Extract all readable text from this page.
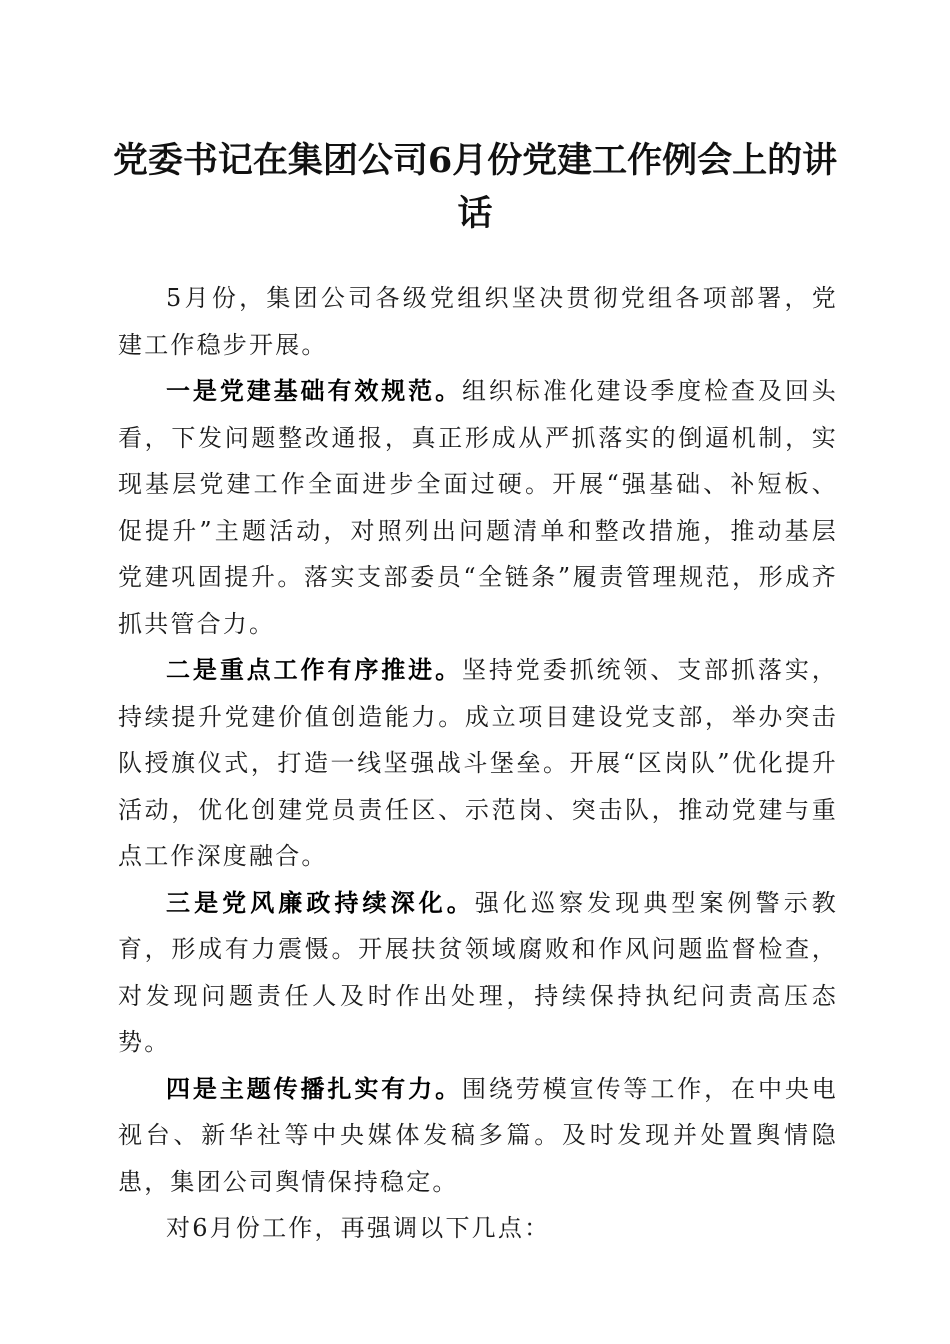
党委书记在集团公司6月份党建工作例会上的讲话

5月份，集团公司各级党组织坚决贯彻党组各项部署，党建工作稳步开展。

一是党建基础有效规范。组织标准化建设季度检查及回头看，下发问题整改通报，真正形成从严抓落实的倒逼机制，实现基层党建工作全面进步全面过硬。开展“强基础、补短板、促提升”主题活动，对照列出问题清单和整改措施，推动基层党建巩固提升。落实支部委员“全链条”履责管理规范，形成齐抓共管合力。

二是重点工作有序推进。坚持党委抓统领、支部抓落实，持续提升党建价值创造能力。成立项目建设党支部，举办突击队授旗仪式，打造一线坚强战斗堡垒。开展“区岗队”优化提升活动，优化创建党员责任区、示范岗、突击队，推动党建与重点工作深度融合。

三是党风廉政持续深化。强化巡察发现典型案例警示教育，形成有力震慑。开展扶贫领域腐败和作风问题监督检查，对发现问题责任人及时作出处理，持续保持执纪问责高压态势。

四是主题传播扎实有力。围绕劳模宣传等工作，在中央电视台、新华社等中央媒体发稿多篇。及时发现并处置舆情隐患，集团公司舆情保持稳定。

对6月份工作，再强调以下几点：
